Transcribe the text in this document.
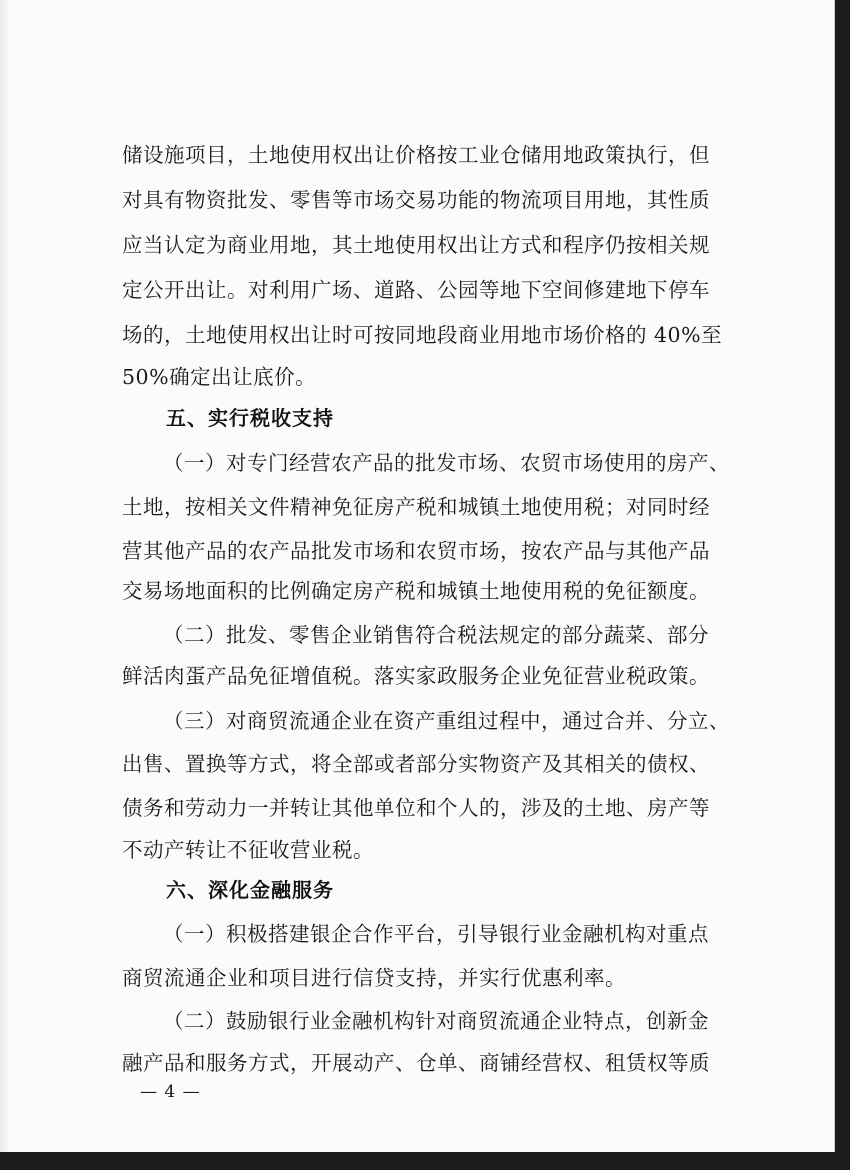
储设施项目，土地使用权出让价格按工业仓储用地政策执行，但

对具有物资批发、零售等市场交易功能的物流项目用地，其性质

应当认定为商业用地，其土地使用权出让方式和程序仍按相关规

定公开出让。对利用广场、道路、公园等地下空间修建地下停车

场的，土地使用权出让时可按同地段商业用地市场价格的 40%至

50%确定出让底价。

五、实行税收支持

（一）对专门经营农产品的批发市场、农贸市场使用的房产、

土地，按相关文件精神免征房产税和城镇土地使用税；对同时经

营其他产品的农产品批发市场和农贸市场，按农产品与其他产品

交易场地面积的比例确定房产税和城镇土地使用税的免征额度。

（二）批发、零售企业销售符合税法规定的部分蔬菜、部分

鲜活肉蛋产品免征增值税。落实家政服务企业免征营业税政策。

（三）对商贸流通企业在资产重组过程中，通过合并、分立、

出售、置换等方式，将全部或者部分实物资产及其相关的债权、

债务和劳动力一并转让其他单位和个人的，涉及的土地、房产等

不动产转让不征收营业税。

六、深化金融服务

（一）积极搭建银企合作平台，引导银行业金融机构对重点

商贸流通企业和项目进行信贷支持，并实行优惠利率。

（二）鼓励银行业金融机构针对商贸流通企业特点，创新金

融产品和服务方式，开展动产、仓单、商铺经营权、租赁权等质

— 4 —
